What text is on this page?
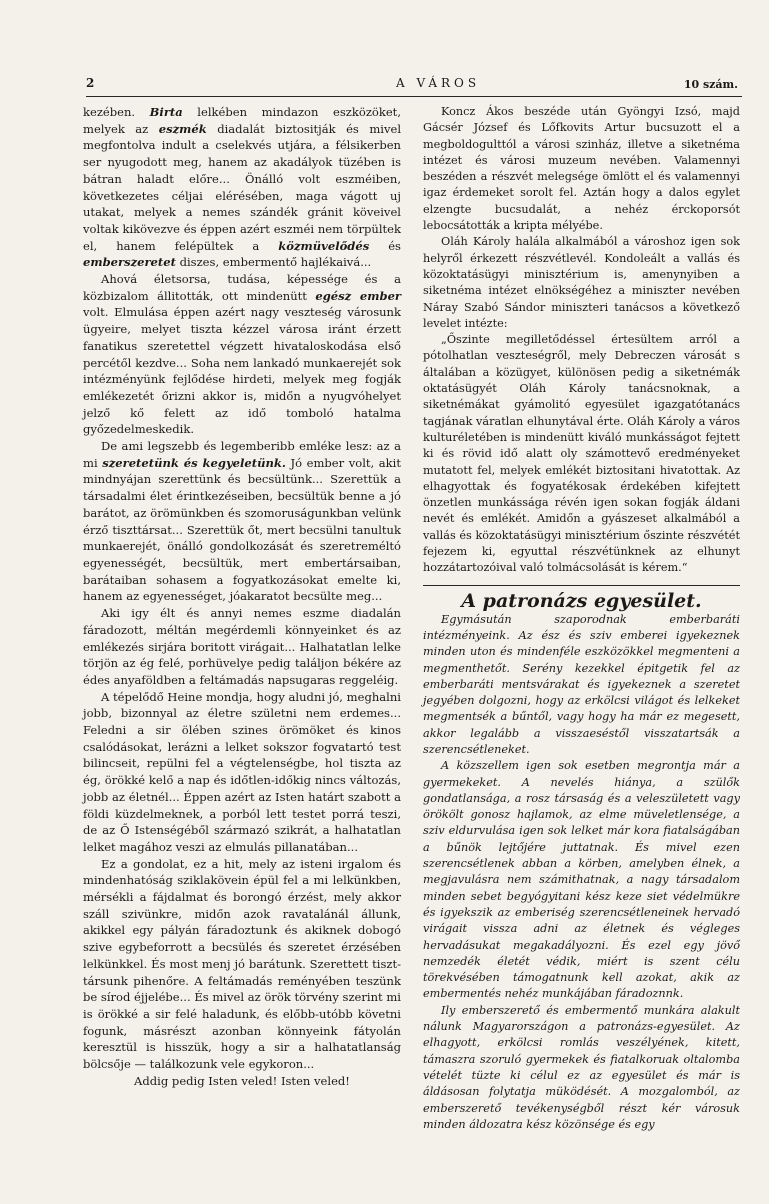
2	A VÁROS	10 szám.

kezében. Birta lelkében mindazon eszközöket, melyek az eszmék diadalát biztositják és mivel megfontolva indult a cselekvés utjára, a félsikerben ser nyugodott meg, hanem az akadályok tüzében is bátran haladt előre... Önálló volt eszméiben, következetes céljai elérésében, maga vágott uj utakat, melyek a nemes szándék gránit köveivel voltak kikövezve és éppen azért eszméi nem törpültek el, hanem felépültek a közmüvelődés és emberszeretet diszes, embermentő hajlékaivá...

Ahová életsorsa, tudása, képessége és a közbizalom állitották, ott mindenütt egész ember volt. Elmulása éppen azért nagy veszteség városunk ügyeire, melyet tiszta kézzel városa iránt érzett fanatikus szeretettel végzett hivataloskodása első percétől kezdve... Soha nem lankadó munkaerejét sok intézményünk fejlődése hirdeti, melyek meg fogják emlékezetét őrizni akkor is, midőn a nyugvóhelyet jelző kő felett az idő tomboló hatalma győzedelmeskedik.

De ami legszebb és legemberibb emléke lesz: az a mi szeretetünk és kegyeletünk. Jó ember volt, akit mindnyájan szerettünk és becsültünk... Szerettük a társadalmi élet érintkezéseiben, becsültük benne a jó barátot, az örömünkben és szomoruságunkban velünk érző tiszttársat... Szerettük őt, mert becsülni tanultuk munkaerejét, önálló gondolkozását és szeretreméltó egyenességét, becsültük, mert embertársaiban, barátaiban sohasem a fogyatkozásokat emelte ki, hanem az egyenességet, jóakaratot becsülte meg...

Aki igy élt és annyi nemes eszme diadalán fáradozott, méltán megérdemli könnyeinket és az emlékezés sirjára boritott virágait... Halhatatlan lelke törjön az ég felé, porhüvelye pedig találjon békére az édes anyaföldben a feltámadás napsugaras reggeléig.

A tépelődő Heine mondja, hogy aludni jó, meghalni jobb, bizonnyal az életre születni nem erdemes... Feledni a sir ölében szines örömöket és kinos csalódásokat, lerázni a lelket sokszor fogvatartó test bilincseit, repülni fel a végtelenségbe, hol tiszta az ég, örökké kelő a nap és időtlen-időkig nincs változás, jobb az életnél... Éppen azért az Isten határt szabott a földi küzdelmeknek, a porból lett testet porrá teszi, de az Ő Istenségéből származó szikrát, a halhatatlan lelket magához veszi az elmulás pillanatában...

Ez a gondolat, ez a hit, mely az isteni irgalom és mindenhatóság sziklakövein épül fel a mi lelkünkben, mérsékli a fájdalmat és borongó érzést, mely akkor száll szivünkre, midőn azok ravatalánál állunk, akikkel egy pályán fáradoztunk és akiknek dobogó szive egybeforrott a becsülés és szeretet érzésében lelkünkkel. És most menj jó barátunk. Szerettett tiszt-társunk pihenőre. A feltámadás reményében teszünk be sírod éjjelébe... És mivel az örök törvény szerint mi is örökké a sir felé haladunk, és előbb-utóbb követni fogunk, másrészt azonban könnyeink fátyolán keresztül is hisszük, hogy a sir a halhatatlanság bölcsője — találkozunk vele egykoron...

Addig pedig Isten veled! Isten veled!

Koncz Ákos beszéde után Gyöngyi Izsó, majd Gácsér József és Lőfkovits Artur bucsuzott el a megboldogulttól a városi szinház, illetve a siketnéma intézet és városi muzeum nevében. Valamennyi beszéden a részvét melegsége ömlött el és valamennyi igaz érdemeket sorolt fel. Aztán hogy a dalos egylet elzengte bucsudalát, a nehéz érckoporsót lebocsátották a kripta mélyébe.

Oláh Károly halála alkalmából a városhoz igen sok helyről érkezett részvétlevél. Kondoleált a vallás és közoktatásügyi minisztérium is, amenynyiben a siketnéma intézet elnökségéhez a miniszter nevében Náray Szabó Sándor miniszteri tanácsos a következő levelet intézte:

„Őszinte megilletődéssel értesültem arról a pótolhatlan veszteségről, mely Debreczen városát s általában a közügyet, különösen pedig a siketnémák oktatásügyét Oláh Károly tanácsnoknak, a siketnémákat gyámolitó egyesület igazgatótanács tagjának váratlan elhunytával érte. Oláh Károly a város kulturéletében is mindenütt kiváló munkásságot fejtett ki és rövid idő alatt oly számottevő eredményeket mutatott fel, melyek emlékét biztositani hivatottak. Az elhagyottak és fogyatékosak érdekében kifejtett önzetlen munkássága révén igen sokan fogják áldani nevét és emlékét. Amidőn a gyászeset alkalmából a vallás és közoktatásügyi minisztérium őszinte részvétét fejezem ki, egyuttal részvétünknek az elhunyt hozzátartozóival való tolmácsolását is kérem.“

A patronázs egyesület.

Egymásután szaporodnak emberbaráti intézményeink. Az ész és sziv emberei igyekeznek minden uton és mindenféle eszközökkel megmenteni a megmenthetőt. Serény kezekkel épitgetik fel az emberbaráti mentsvárakat és igyekeznek a szeretet jegyében dolgozni, hogy az erkölcsi világot és lelkeket megmentsék a bűntől, vagy hogy ha már ez megesett, akkor legalább a visszaeséstől visszatartsák a szerencsétleneket.

A közszellem igen sok esetben megrontja már a gyermekeket. A nevelés hiánya, a szülők gondatlansága, a rosz társaság és a veleszületett vagy örökölt gonosz hajlamok, az elme müveletlensége, a sziv eldurvulása igen sok lelket már kora fiatalságában a bűnök lejtőjére juttatnak. És mivel ezen szerencsétlenek abban a körben, amelyben élnek, a megjavulásra nem számithatnak, a nagy társadalom minden sebet begyógyitani kész keze siet védelmükre és igyekszik az emberiség szerencsétleneinek hervadó virágait vissza adni az életnek és végleges hervadásukat megakadályozni. És ezel egy jövő nemzedék életét védik, miért is szent célu törekvésében támogatnunk kell azokat, akik az embermentés nehéz munkájában fáradoznnk.

Ily emberszerető és embermentő munkára alakult nálunk Magyarországon a patronázs-egyesület. Az elhagyott, erkölcsi romlás veszélyének, kitett, támaszra szoruló gyermekek és fiatalkoruak oltalomba vételét tüzte ki célul ez az egyesület és már is áldásosan folytatja müködését. A mozgalomból, az emberszerető tevékenységből részt kér városuk minden áldozatra kész közönsége és egy
